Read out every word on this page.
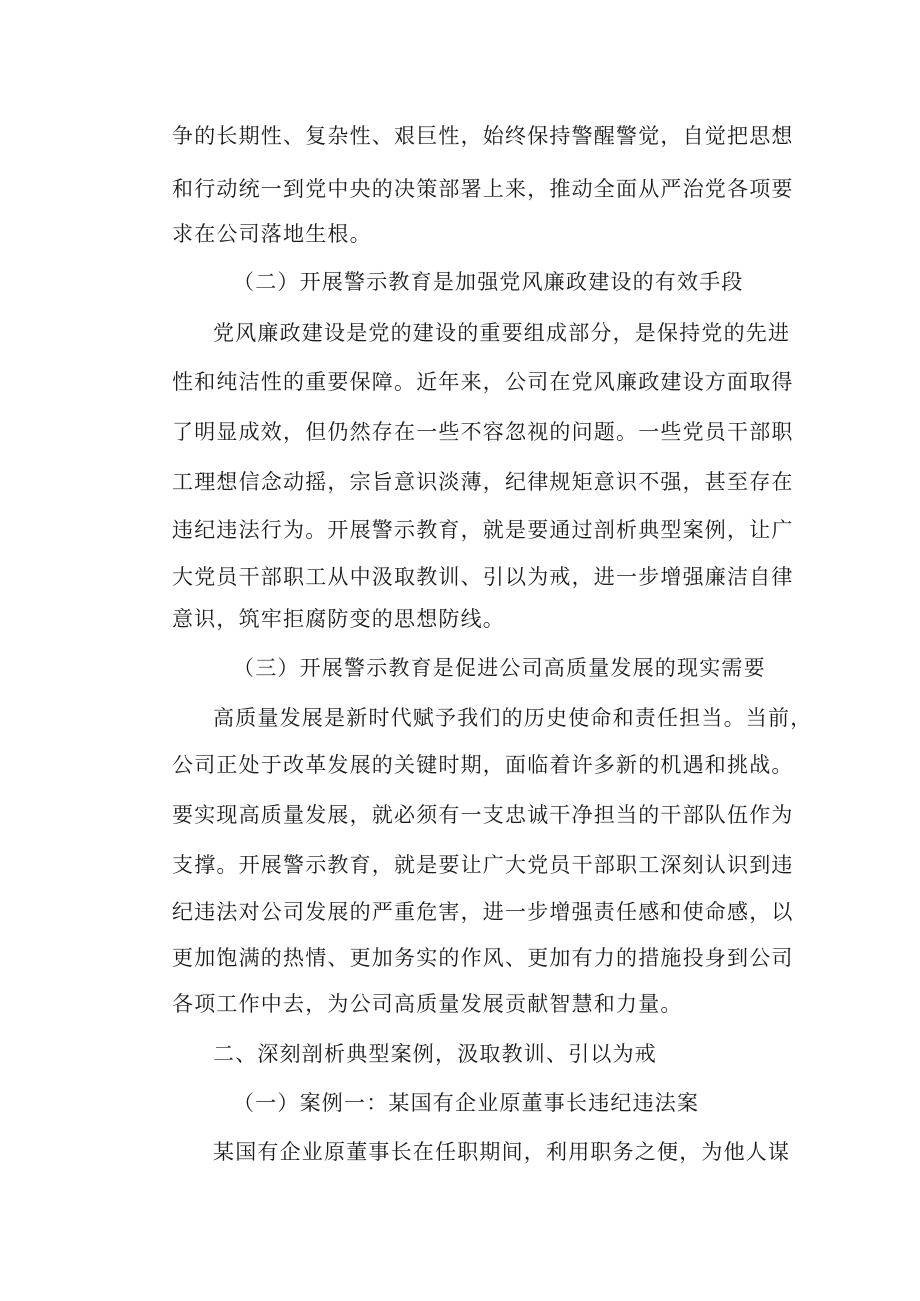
争的长期性、复杂性、艰巨性，始终保持警醒警觉，自觉把思想
和行动统一到党中央的决策部署上来，推动全面从严治党各项要
求在公司落地生根。
（二）开展警示教育是加强党风廉政建设的有效手段
党风廉政建设是党的建设的重要组成部分，是保持党的先进
性和纯洁性的重要保障。近年来，公司在党风廉政建设方面取得
了明显成效，但仍然存在一些不容忽视的问题。一些党员干部职
工理想信念动摇，宗旨意识淡薄，纪律规矩意识不强，甚至存在
违纪违法行为。开展警示教育，就是要通过剖析典型案例，让广
大党员干部职工从中汲取教训、引以为戒，进一步增强廉洁自律
意识，筑牢拒腐防变的思想防线。
（三）开展警示教育是促进公司高质量发展的现实需要
高质量发展是新时代赋予我们的历史使命和责任担当。当前，
公司正处于改革发展的关键时期，面临着许多新的机遇和挑战。
要实现高质量发展，就必须有一支忠诚干净担当的干部队伍作为
支撑。开展警示教育，就是要让广大党员干部职工深刻认识到违
纪违法对公司发展的严重危害，进一步增强责任感和使命感，以
更加饱满的热情、更加务实的作风、更加有力的措施投身到公司
各项工作中去，为公司高质量发展贡献智慧和力量。
二、深刻剖析典型案例，汲取教训、引以为戒
（一）案例一：某国有企业原董事长违纪违法案
某国有企业原董事长在任职期间，利用职务之便，为他人谋
